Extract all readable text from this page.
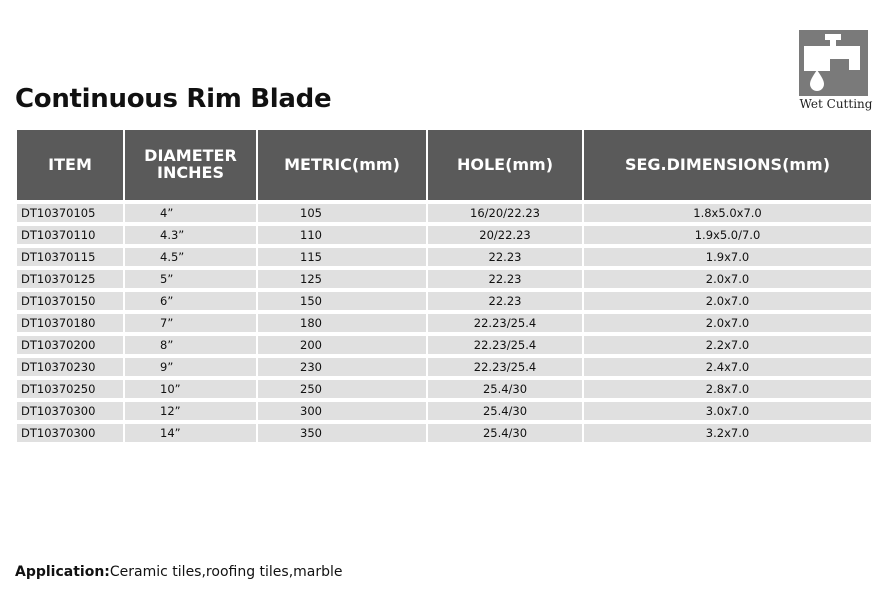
Continuous Rim Blade	Wet Cutting
ITEM	DIAMETER INCHES	METRIC(mm)	HOLE(mm)	SEG.DIMENSIONS(mm)
DT10370105	4”	105	16/20/22.23	1.8x5.0x7.0
DT10370110	4.3”	110	20/22.23	1.9x5.0/7.0
DT10370115	4.5”	115	22.23	1.9x7.0
DT10370125	5”	125	22.23	2.0x7.0
DT10370150	6”	150	22.23	2.0x7.0
DT10370180	7”	180	22.23/25.4	2.0x7.0
DT10370200	8”	200	22.23/25.4	2.2x7.0
DT10370230	9”	230	22.23/25.4	2.4x7.0
DT10370250	10”	250	25.4/30	2.8x7.0
DT10370300	12”	300	25.4/30	3.0x7.0
DT10370300	14”	350	25.4/30	3.2x7.0
Application:Ceramic tiles,roofing tiles,marble
